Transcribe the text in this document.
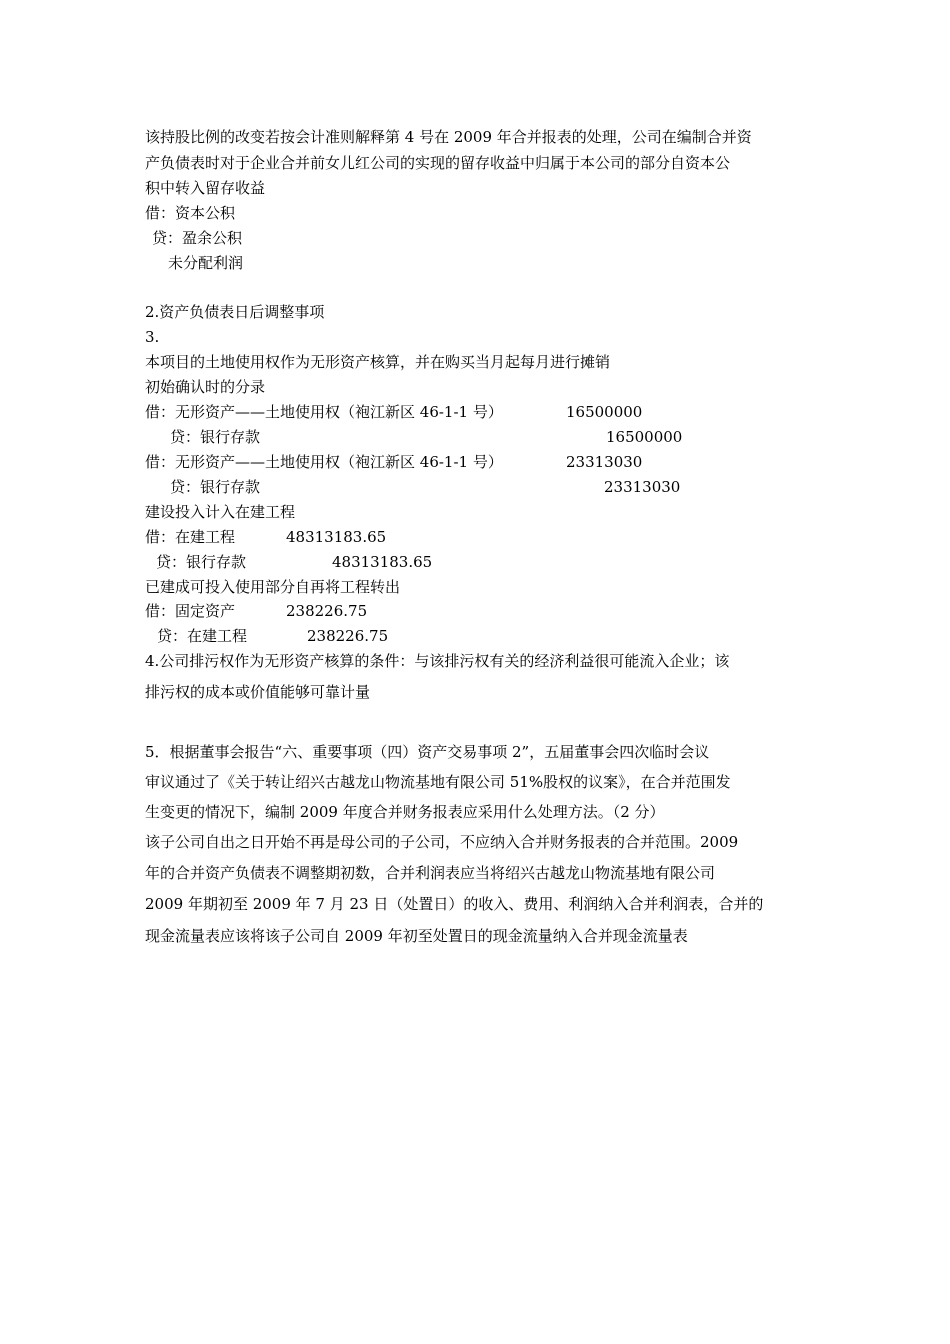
该持股比例的改变若按会计准则解释第 4 号在 2009 年合并报表的处理，公司在编制合并资
产负债表时对于企业合并前女儿红公司的实现的留存收益中归属于本公司的部分自资本公
积中转入留存收益
借：资本公积
贷：盈余公积
未分配利润
2.资产负债表日后调整事项
3.
本项目的土地使用权作为无形资产核算，并在购买当月起每月进行摊销
初始确认时的分录
借：无形资产——土地使用权（袍江新区 46-1-1 号）	16500000
贷：银行存款	16500000
借：无形资产——土地使用权（袍江新区 46-1-1 号）	23313030
贷：银行存款	23313030
建设投入计入在建工程
借：在建工程	48313183.65
贷：银行存款	48313183.65
已建成可投入使用部分自再将工程转出
借：固定资产	238226.75
贷：在建工程	238226.75
4.公司排污权作为无形资产核算的条件：与该排污权有关的经济利益很可能流入企业；该
排污权的成本或价值能够可靠计量
5．根据董事会报告“六、重要事项（四）资产交易事项 2”，五届董事会四次临时会议
审议通过了《关于转让绍兴古越龙山物流基地有限公司 51%股权的议案》，在合并范围发
生变更的情况下，编制 2009 年度合并财务报表应采用什么处理方法。（2 分）
该子公司自出之日开始不再是母公司的子公司，不应纳入合并财务报表的合并范围。2009
年的合并资产负债表不调整期初数，合并利润表应当将绍兴古越龙山物流基地有限公司
2009 年期初至 2009 年 7 月 23 日（处置日）的收入、费用、利润纳入合并利润表，合并的
现金流量表应该将该子公司自 2009 年初至处置日的现金流量纳入合并现金流量表
